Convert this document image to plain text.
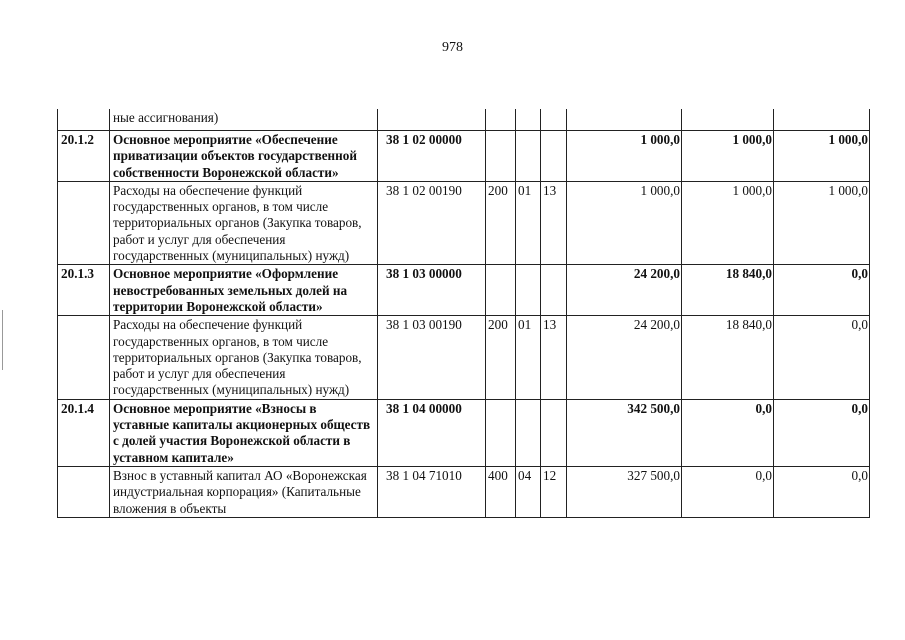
978
	ные ассигнования)							
20.1.2	Основное мероприятие «Обеспечение приватизации объектов государственной собственности Воронежской области»	38 1 02 00000				1 000,0	1 000,0	1 000,0
	Расходы на обеспечение функций государственных органов, в том числе территориальных органов (Закупка товаров, работ и услуг для обеспечения государственных (муниципальных) нужд)	38 1 02 00190	200	01	13	1 000,0	1 000,0	1 000,0
20.1.3	Основное мероприятие «Оформление невостребованных земельных долей на территории Воронежской области»	38 1 03 00000				24 200,0	18 840,0	0,0
	Расходы на обеспечение функций государственных органов, в том числе территориальных органов (Закупка товаров, работ и услуг для обеспечения государственных (муниципальных) нужд)	38 1 03 00190	200	01	13	24 200,0	18 840,0	0,0
20.1.4	Основное мероприятие «Взносы в уставные капиталы акционерных обществ с долей участия Воронежской области в уставном капитале»	38 1 04 00000				342 500,0	0,0	0,0
	Взнос в уставный капитал АО «Воронежская индустриальная корпорация» (Капитальные вложения в объекты	38 1 04 71010	400	04	12	327 500,0	0,0	0,0
